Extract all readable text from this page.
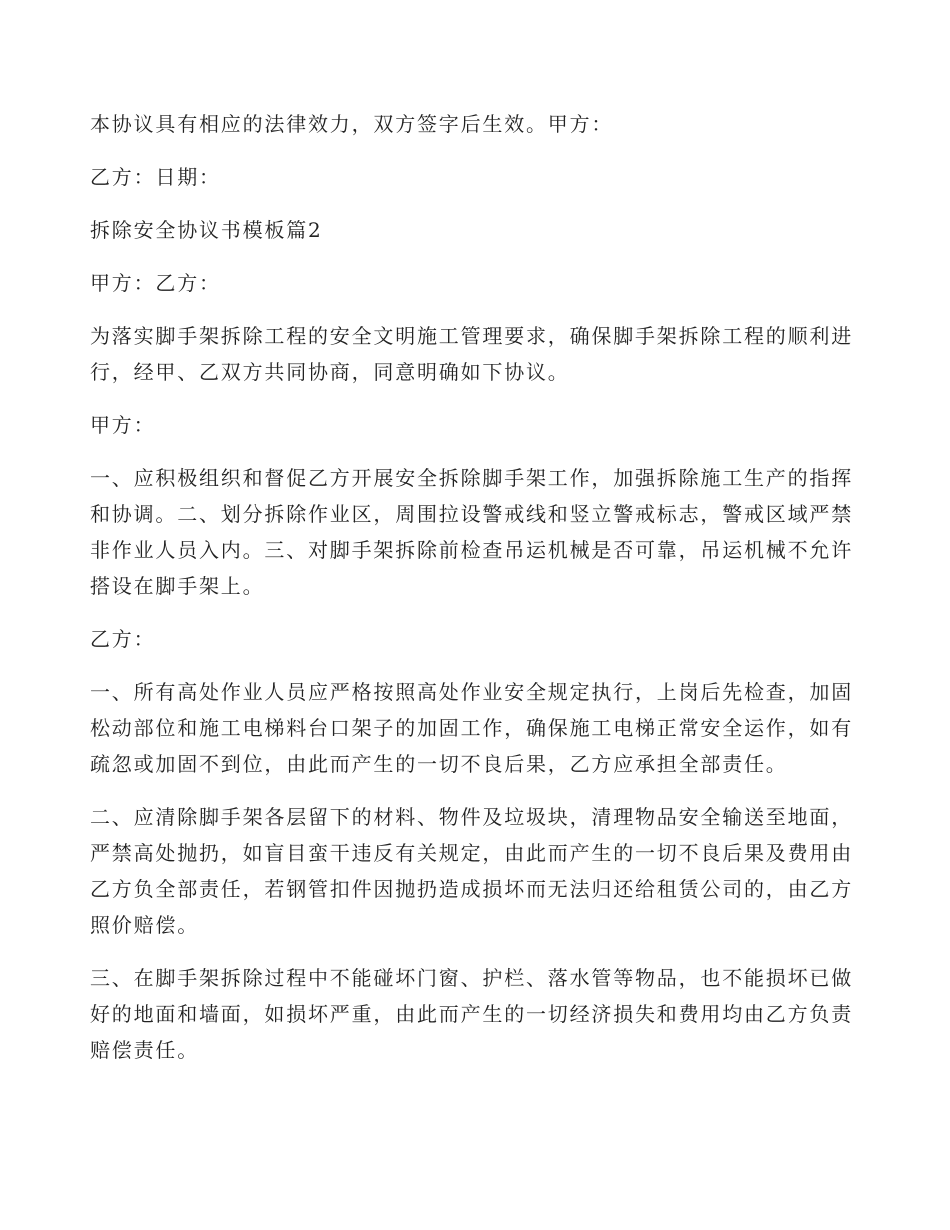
本协议具有相应的法律效力，双方签字后生效。甲方：

乙方：日期：

拆除安全协议书模板篇2

甲方：乙方：

为落实脚手架拆除工程的安全文明施工管理要求，确保脚手架拆除工程的顺利进行，经甲、乙双方共同协商，同意明确如下协议。

甲方：

一、应积极组织和督促乙方开展安全拆除脚手架工作，加强拆除施工生产的指挥和协调。二、划分拆除作业区，周围拉设警戒线和竖立警戒标志，警戒区域严禁非作业人员入内。三、对脚手架拆除前检查吊运机械是否可靠，吊运机械不允许搭设在脚手架上。

乙方：

一、所有高处作业人员应严格按照高处作业安全规定执行，上岗后先检查，加固松动部位和施工电梯料台口架子的加固工作，确保施工电梯正常安全运作，如有疏忽或加固不到位，由此而产生的一切不良后果，乙方应承担全部责任。

二、应清除脚手架各层留下的材料、物件及垃圾块，清理物品安全输送至地面，严禁高处抛扔，如盲目蛮干违反有关规定，由此而产生的一切不良后果及费用由乙方负全部责任，若钢管扣件因抛扔造成损坏而无法归还给租赁公司的，由乙方照价赔偿。

三、在脚手架拆除过程中不能碰坏门窗、护栏、落水管等物品，也不能损坏已做好的地面和墙面，如损坏严重，由此而产生的一切经济损失和费用均由乙方负责赔偿责任。
